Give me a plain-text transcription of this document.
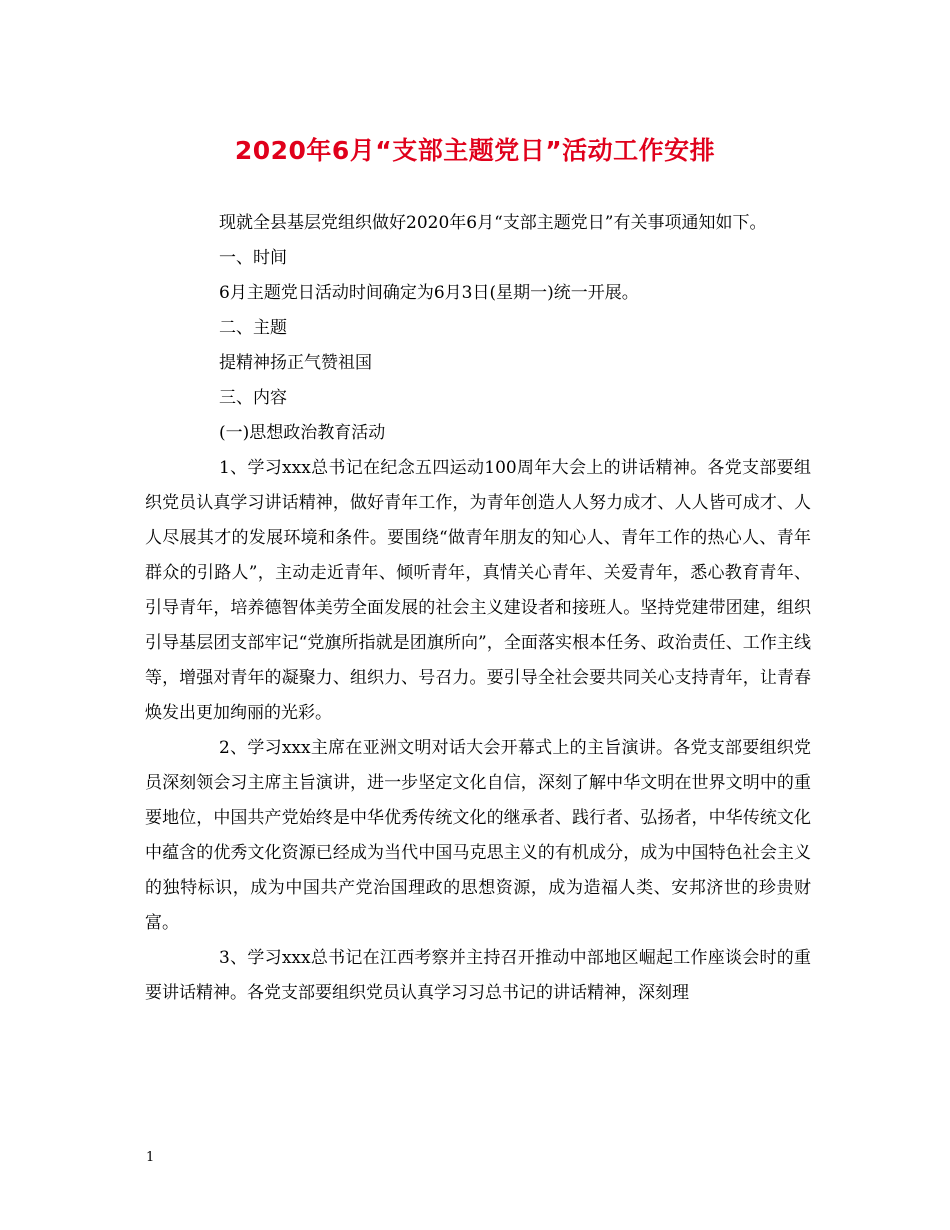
2020年6月“支部主题党日”活动工作安排

现就全县基层党组织做好2020年6月“支部主题党日”有关事项通知如下。

一、时间

6月主题党日活动时间确定为6月3日(星期一)统一开展。

二、主题

提精神扬正气赞祖国

三、内容

(一)思想政治教育活动

1、学习xxx总书记在纪念五四运动100周年大会上的讲话精神。各党支部要组织党员认真学习讲话精神，做好青年工作，为青年创造人人努力成才、人人皆可成才、人人尽展其才的发展环境和条件。要围绕“做青年朋友的知心人、青年工作的热心人、青年群众的引路人”，主动走近青年、倾听青年，真情关心青年、关爱青年，悉心教育青年、引导青年，培养德智体美劳全面发展的社会主义建设者和接班人。坚持党建带团建，组织引导基层团支部牢记“党旗所指就是团旗所向”，全面落实根本任务、政治责任、工作主线等，增强对青年的凝聚力、组织力、号召力。要引导全社会要共同关心支持青年，让青春焕发出更加绚丽的光彩。

2、学习xxx主席在亚洲文明对话大会开幕式上的主旨演讲。各党支部要组织党员深刻领会习主席主旨演讲，进一步坚定文化自信，深刻了解中华文明在世界文明中的重要地位，中国共产党始终是中华优秀传统文化的继承者、践行者、弘扬者，中华传统文化中蕴含的优秀文化资源已经成为当代中国马克思主义的有机成分，成为中国特色社会主义的独特标识，成为中国共产党治国理政的思想资源，成为造福人类、安邦济世的珍贵财富。

3、学习xxx总书记在江西考察并主持召开推动中部地区崛起工作座谈会时的重要讲话精神。各党支部要组织党员认真学习习总书记的讲话精神，深刻理

1
